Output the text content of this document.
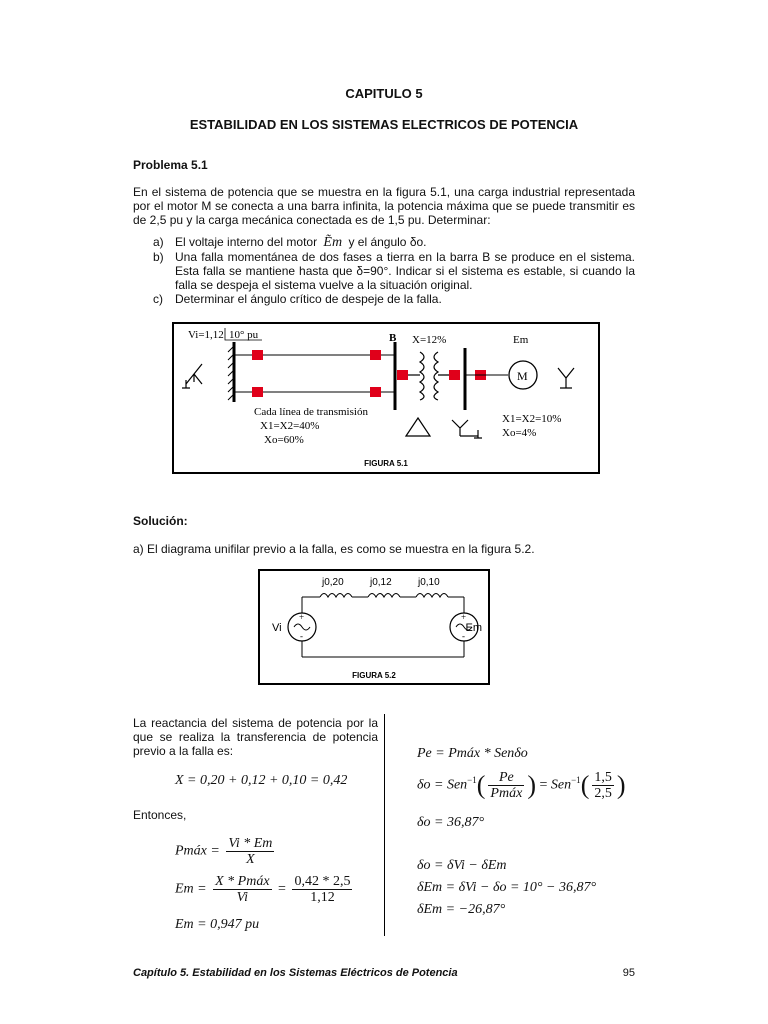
CAPITULO 5
ESTABILIDAD EN LOS SISTEMAS ELECTRICOS DE POTENCIA
Problema 5.1
En el sistema de potencia que se muestra en la figura 5.1, una carga industrial representada por el motor M se conecta a una barra infinita, la potencia máxima que se puede transmitir es de 2,5 pu y la carga mecánica conectada es de 1,5 pu. Determinar:
a) El voltaje interno del motor Ẽm y el ángulo δo.
b) Una falla momentánea de dos fases a tierra en la barra B se produce en el sistema. Esta falla se mantiene hasta que δ=90°. Indicar si el sistema es estable, si cuando la falla se despeja el sistema vuelve a la situación original.
c) Determinar el ángulo crítico de despeje de la falla.
Vi=1,12 10° pu	B X=12%	Em
M
Cada línea de transmisión
X1=X2=40%
Xo=60%
X1=X2=10%
Xo=4%
FIGURA 5.1
Solución:
a) El diagrama unifilar previo a la falla, es como se muestra en la figura 5.2.
j0,20	j0,12	j0,10
+
-
+
-
Vi	Em
FIGURA 5.2
La reactancia del sistema de potencia por la que se realiza la transferencia de potencia previo a la falla es:
X = 0,20 + 0,12 + 0,10 = 0,42
Entonces,
Pmáx = $\frac{Vi * Em}{X}$
$Em = \frac{\text{X * Pmáx}}{Vi} = \frac{0,42 * 2,5}{1,12}$
Em = 0,947 pu
Pe = Pmáx * Senδo
$\delta o = Sen^{-1}( \frac{Pe}{\text{Pmáx}}$ ) = $Sen^{-1}( \frac{1,5}{2,5}$ )
δo = 36,87°
δo = δVi − δEm
δEm = δVi − δo = 10° − 36,87°
δEm = −26,87°
Capítulo 5. Estabilidad en los Sistemas Eléctricos de Potencia	95
